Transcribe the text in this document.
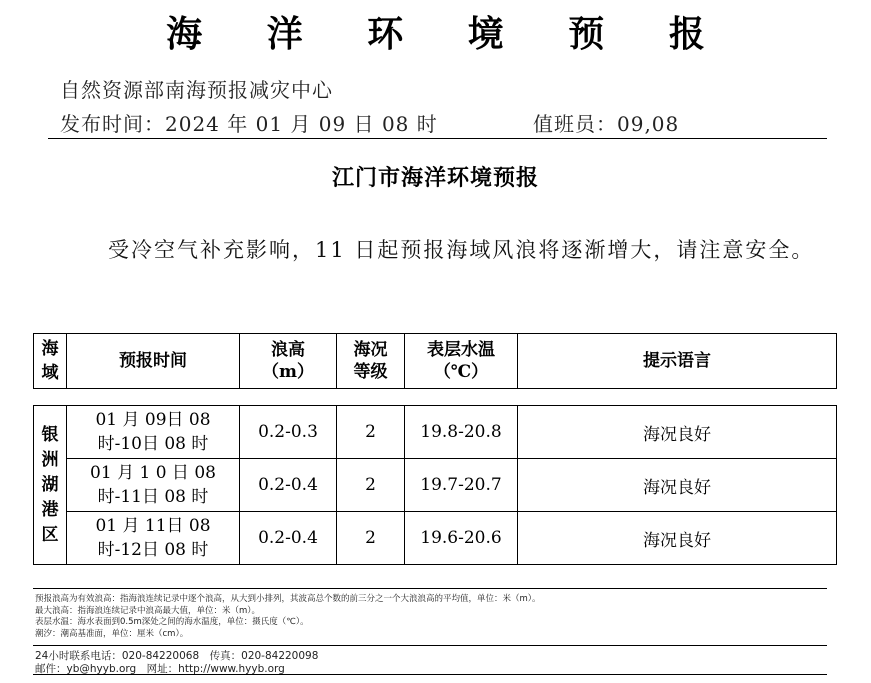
海 洋 环 境 预 报
自然资源部南海预报减灾中心
发布时间：2024 年 01 月 09 日 08 时	值班员：09,08
江门市海洋环境预报
受冷空气补充影响，11 日起预报海域风浪将逐渐增大，请注意安全。
海域	预报时间	浪高（m）	海况等级	表层水温（℃）	提示语言
银洲湖港区	01 月 09日 08 时-10日 08 时	0.2-0.3	2	19.8-20.8	海况良好
	01 月 1 0 日 08 时-11日 08 时	0.2-0.4	2	19.7-20.7	海况良好
	01 月 11日 08 时-12日 08 时	0.2-0.4	2	19.6-20.6	海况良好
预报浪高为有效浪高：指海浪连续记录中逐个浪高，从大到小排列，其波高总个数的前三分之一个大浪浪高的平均值，单位：米（m）。
最大浪高：指海浪连续记录中浪高最大值，单位：米（m）。
表层水温：海水表面到0.5m深处之间的海水温度，单位：摄氏度（℃）。
潮汐：潮高基准面，单位：厘米（cm）。
24小时联系电话：020-84220068　传真：020-84220098
邮件：yb@hyyb.org　网址：http://www.hyyb.org
